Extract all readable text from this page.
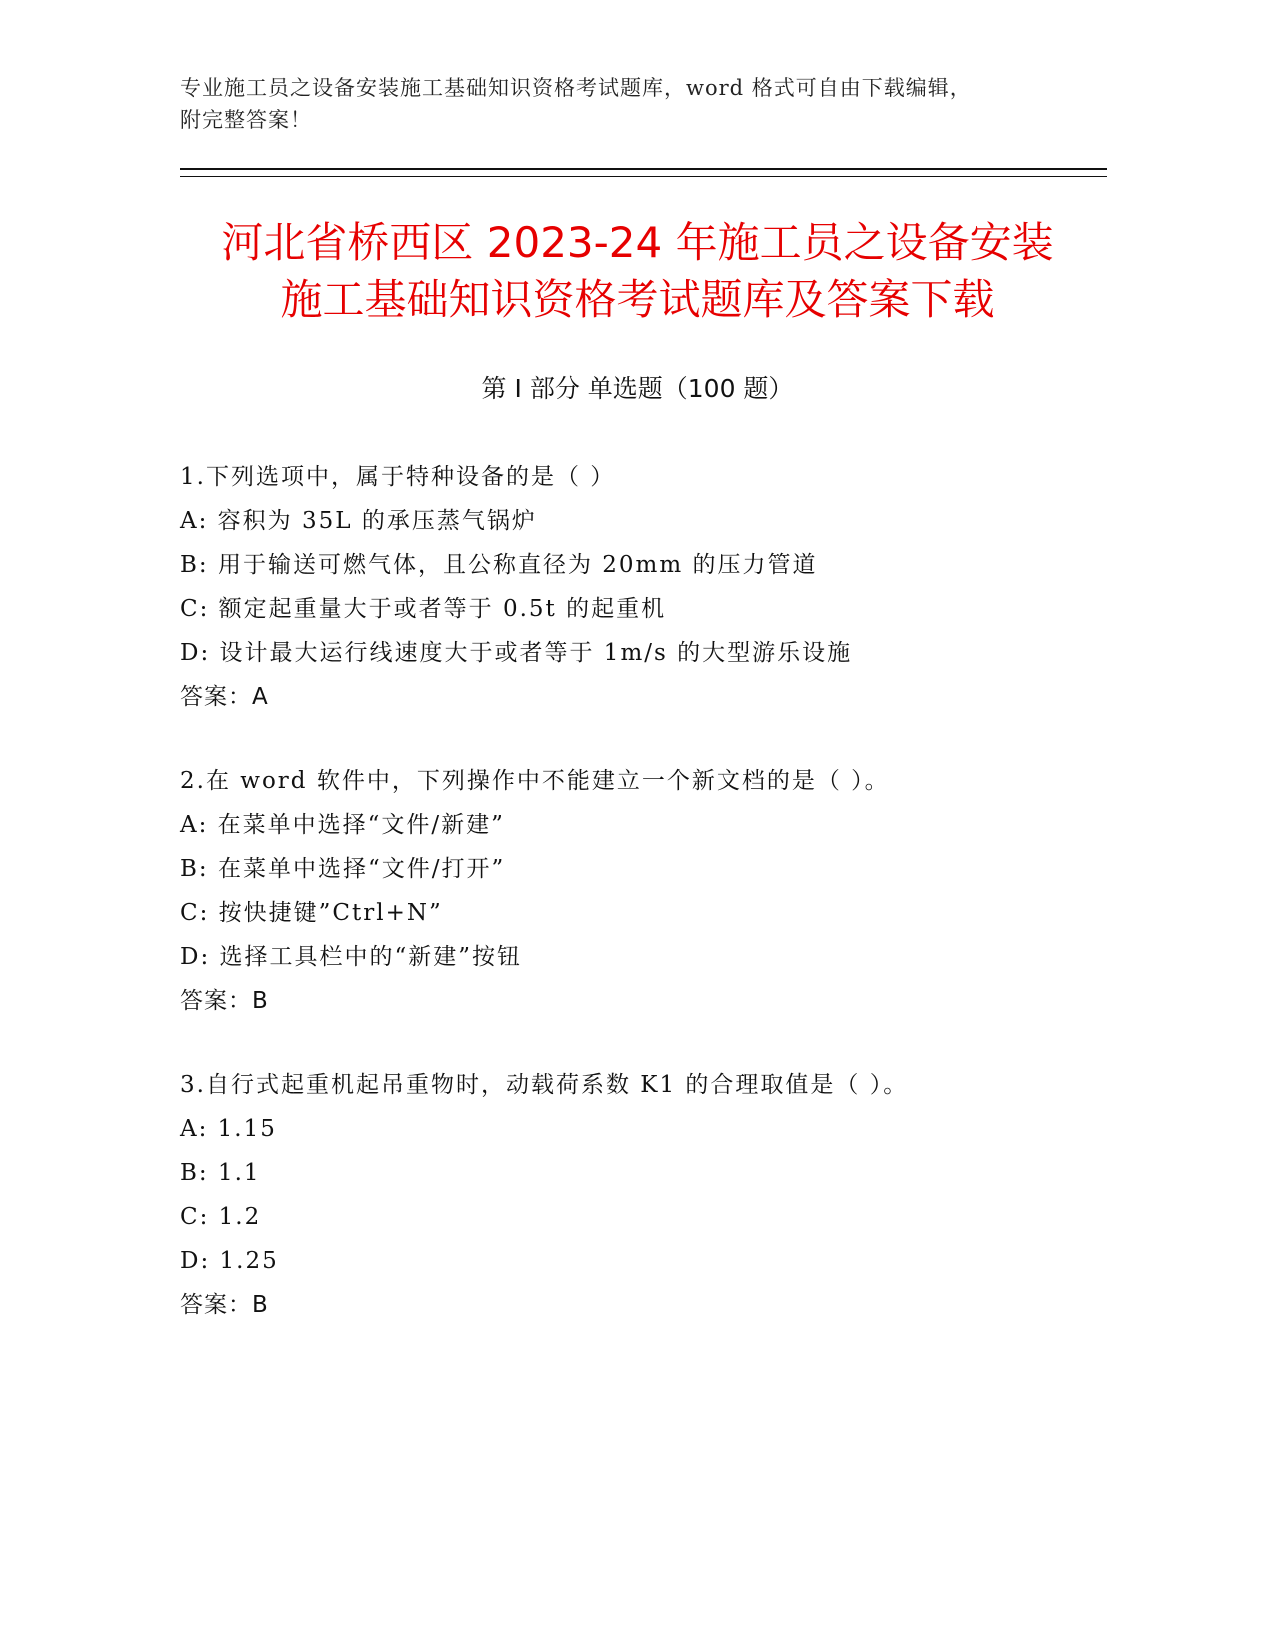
专业施工员之设备安装施工基础知识资格考试题库，word 格式可自由下载编辑，
附完整答案！
河北省桥西区 2023-24 年施工员之设备安装
施工基础知识资格考试题库及答案下载
第 I 部分 单选题（100 题）
1.下列选项中，属于特种设备的是（ ）
A: 容积为 35L 的承压蒸气锅炉
B: 用于输送可燃气体，且公称直径为 20mm 的压力管道
C: 额定起重量大于或者等于 0.5t 的起重机
D: 设计最大运行线速度大于或者等于 1m/s 的大型游乐设施
答案：A
2.在 word 软件中，下列操作中不能建立一个新文档的是（ ）。
A: 在菜单中选择“文件/新建”
B: 在菜单中选择“文件/打开”
C: 按快捷键”Ctrl+N”
D: 选择工具栏中的“新建”按钮
答案：B
3.自行式起重机起吊重物时，动载荷系数 K1 的合理取值是（ ）。
A: 1.15
B: 1.1
C: 1.2
D: 1.25
答案：B
